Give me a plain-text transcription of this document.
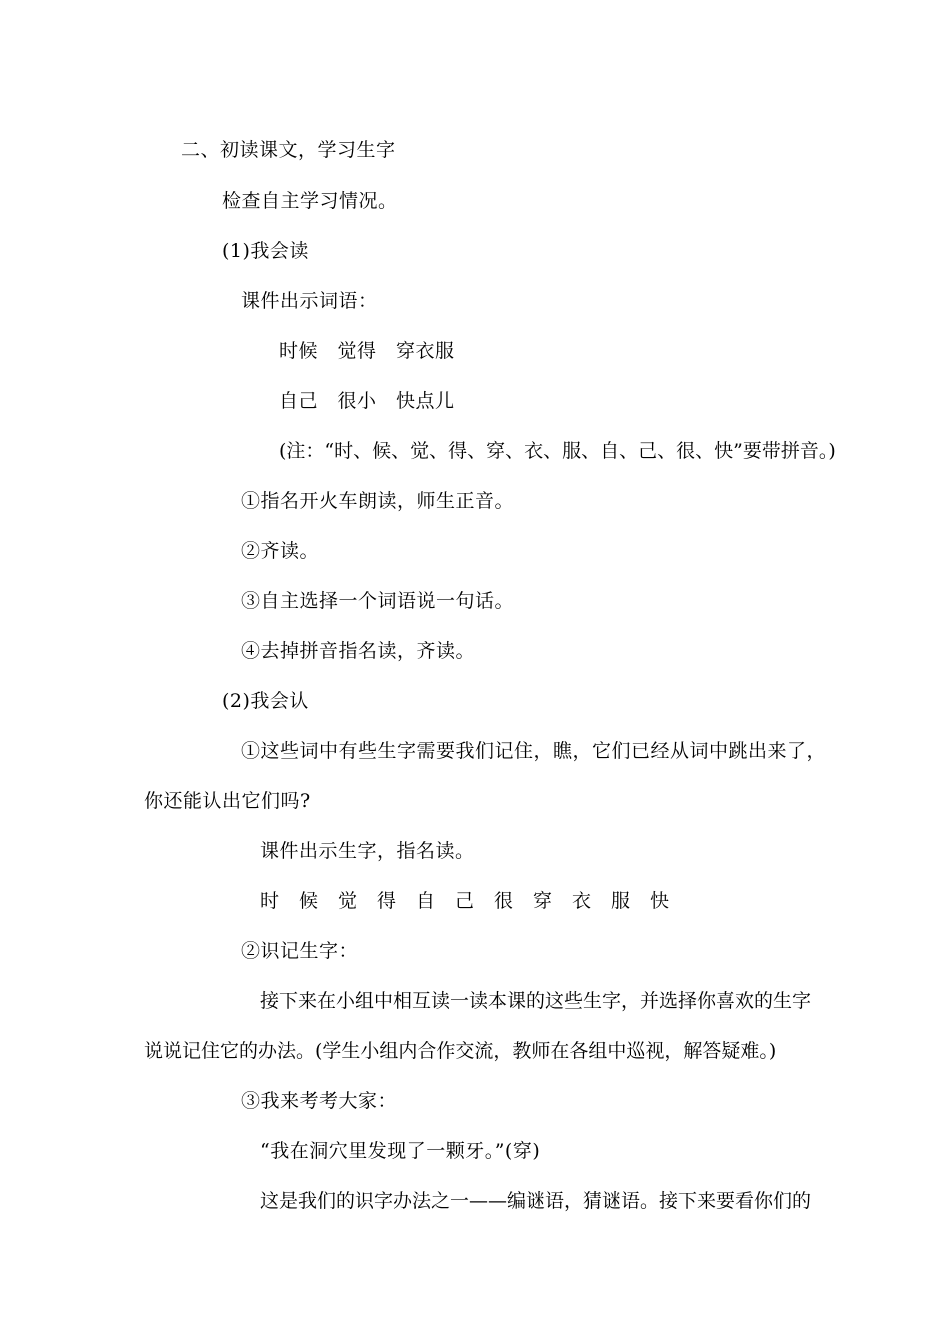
二、初读课文，学习生字
检查自主学习情况。
(1)我会读
课件出示词语：
时候　觉得　穿衣服
自己　很小　快点儿
(注：“时、候、觉、得、穿、衣、服、自、己、很、快”要带拼音。)
①指名开火车朗读，师生正音。
②齐读。
③自主选择一个词语说一句话。
④去掉拼音指名读，齐读。
(2)我会认
①这些词中有些生字需要我们记住，瞧，它们已经从词中跳出来了，
你还能认出它们吗?
课件出示生字，指名读。
时 候 觉 得 自 己 很 穿 衣 服 快
②识记生字：
接下来在小组中相互读一读本课的这些生字，并选择你喜欢的生字
说说记住它的办法。(学生小组内合作交流，教师在各组中巡视，解答疑难。)
③我来考考大家：
“我在洞穴里发现了一颗牙。”(穿)
这是我们的识字办法之一——编谜语，猜谜语。接下来要看你们的
